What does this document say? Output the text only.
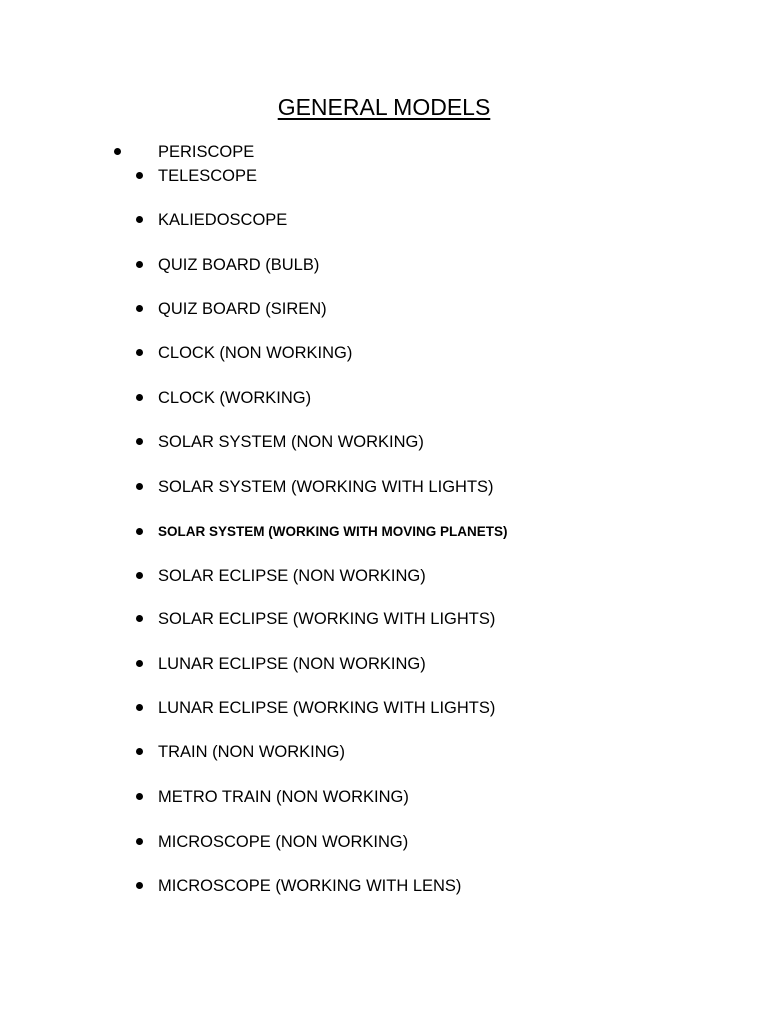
GENERAL MODELS
PERISCOPE
TELESCOPE
KALIEDOSCOPE
QUIZ BOARD (BULB)
QUIZ BOARD (SIREN)
CLOCK (NON WORKING)
CLOCK (WORKING)
SOLAR SYSTEM (NON WORKING)
SOLAR SYSTEM (WORKING WITH LIGHTS)
SOLAR SYSTEM (WORKING WITH MOVING PLANETS)
SOLAR ECLIPSE (NON WORKING)
SOLAR ECLIPSE (WORKING WITH LIGHTS)
LUNAR ECLIPSE (NON WORKING)
LUNAR ECLIPSE (WORKING WITH LIGHTS)
TRAIN (NON WORKING)
METRO TRAIN (NON WORKING)
MICROSCOPE (NON WORKING)
MICROSCOPE (WORKING WITH LENS)
